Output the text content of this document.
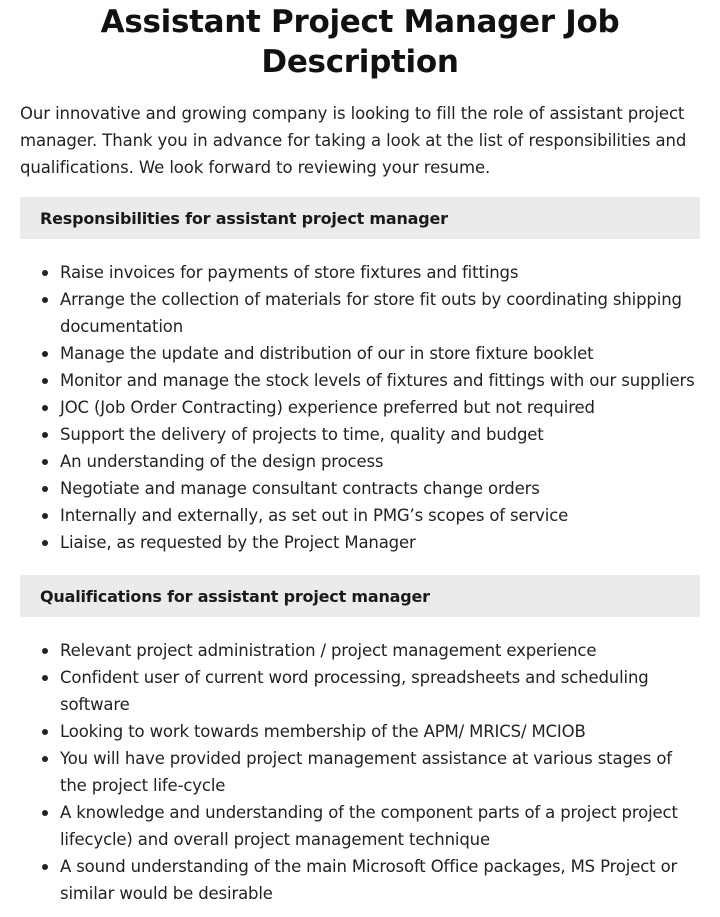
Assistant Project Manager Job Description

Our innovative and growing company is looking to fill the role of assistant project manager. Thank you in advance for taking a look at the list of responsibilities and qualifications. We look forward to reviewing your resume.

Responsibilities for assistant project manager
Raise invoices for payments of store fixtures and fittings
Arrange the collection of materials for store fit outs by coordinating shipping documentation
Manage the update and distribution of our in store fixture booklet
Monitor and manage the stock levels of fixtures and fittings with our suppliers
JOC (Job Order Contracting) experience preferred but not required
Support the delivery of projects to time, quality and budget
An understanding of the design process
Negotiate and manage consultant contracts change orders
Internally and externally, as set out in PMG’s scopes of service
Liaise, as requested by the Project Manager
Qualifications for assistant project manager
Relevant project administration / project management experience
Confident user of current word processing, spreadsheets and scheduling software
Looking to work towards membership of the APM/ MRICS/ MCIOB
You will have provided project management assistance at various stages of the project life-cycle
A knowledge and understanding of the component parts of a project project lifecycle) and overall project management technique
A sound understanding of the main Microsoft Office packages, MS Project or similar would be desirable
